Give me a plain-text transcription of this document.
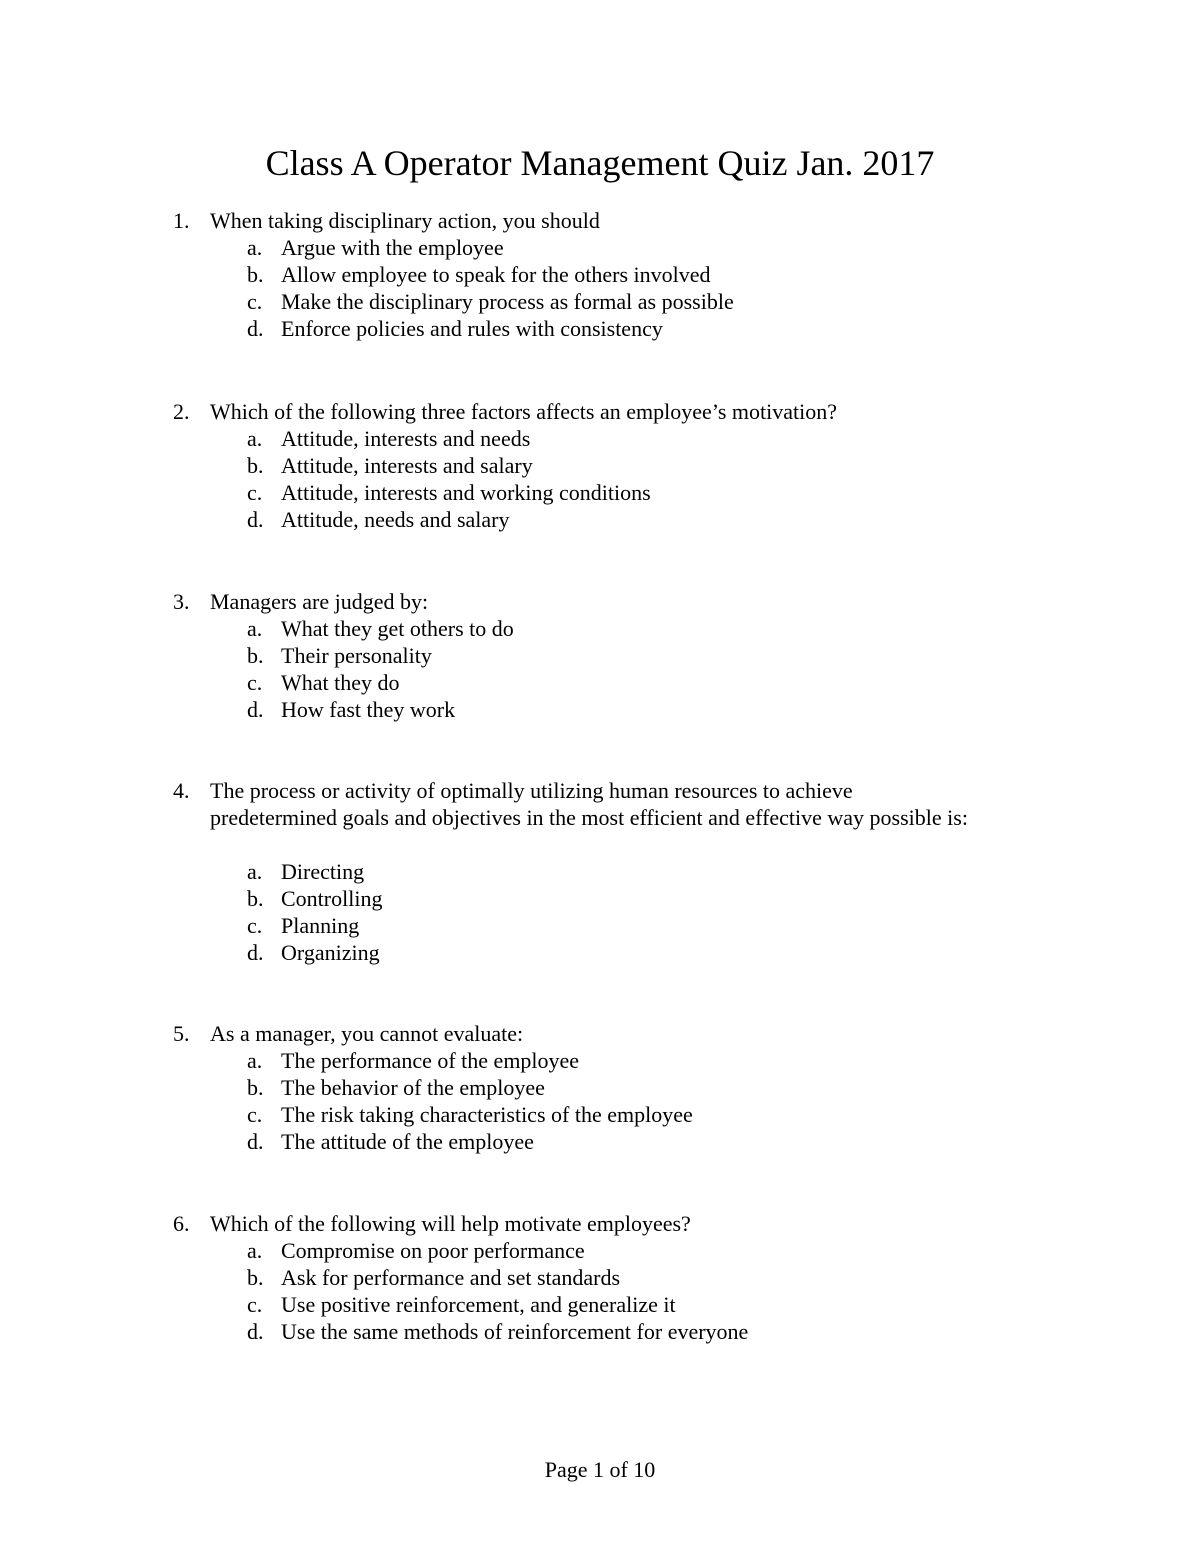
Class A Operator Management Quiz Jan. 2017
1. When taking disciplinary action, you should
a. Argue with the employee
b. Allow employee to speak for the others involved
c. Make the disciplinary process as formal as possible
d. Enforce policies and rules with consistency
2. Which of the following three factors affects an employee’s motivation?
a. Attitude, interests and needs
b. Attitude, interests and salary
c. Attitude, interests and working conditions
d. Attitude, needs and salary
3. Managers are judged by:
a. What they get others to do
b. Their personality
c. What they do
d. How fast they work
4. The process or activity of optimally utilizing human resources to achieve
predetermined goals and objectives in the most efficient and effective way possible is:
a. Directing
b. Controlling
c. Planning
d. Organizing
5. As a manager, you cannot evaluate:
a. The performance of the employee
b. The behavior of the employee
c. The risk taking characteristics of the employee
d. The attitude of the employee
6. Which of the following will help motivate employees?
a. Compromise on poor performance
b. Ask for performance and set standards
c. Use positive reinforcement, and generalize it
d. Use the same methods of reinforcement for everyone
Page 1 of 10
